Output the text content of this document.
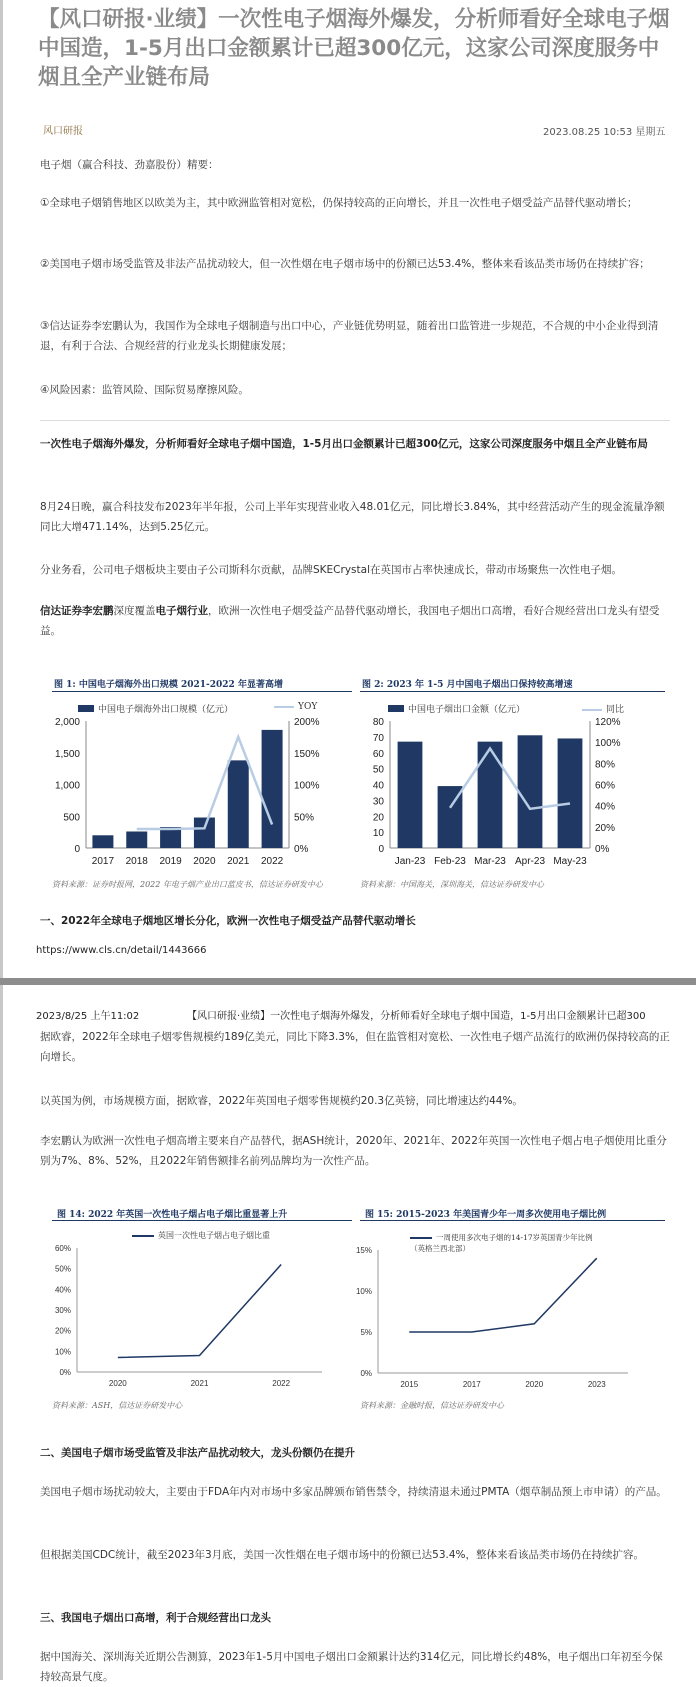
【风口研报·业绩】一次性电子烟海外爆发，分析师看好全球电子烟中国造，1-5月出口金额累计已超300亿元，这家公司深度服务中烟且全产业链布局
风口研报	2023.08.25 10:53 星期五
电子烟（赢合科技、劲嘉股份）精要：
①全球电子烟销售地区以欧美为主，其中欧洲监管相对宽松，仍保持较高的正向增长，并且一次性电子烟受益产品替代驱动增长；
②美国电子烟市场受监管及非法产品扰动较大，但一次性烟在电子烟市场中的份额已达53.4%，整体来看该品类市场仍在持续扩容；
③信达证券李宏鹏认为，我国作为全球电子烟制造与出口中心，产业链优势明显，随着出口监管进一步规范，不合规的中小企业得到清退，有利于合法、合规经营的行业龙头长期健康发展；
④风险因素：监管风险、国际贸易摩擦风险。
一次性电子烟海外爆发，分析师看好全球电子烟中国造，1-5月出口金额累计已超300亿元，这家公司深度服务中烟且全产业链布局
8月24日晚，赢合科技发布2023年半年报，公司上半年实现营业收入48.01亿元，同比增长3.84%，其中经营活动产生的现金流量净额同比大增471.14%，达到5.25亿元。
分业务看，公司电子烟板块主要由子公司斯科尔贡献，品牌SKECrystal在英国市占率快速成长，带动市场聚焦一次性电子烟。
信达证券李宏鹏深度覆盖电子烟行业，欧洲一次性电子烟受益产品替代驱动增长，我国电子烟出口高增，看好合规经营出口龙头有望受益。
图 1: 中国电子烟海外出口规模 2021-2022 年显著高增
中国电子烟海外出口规模（亿元）	YOY
0
500
1,000
1,500
2,000
0%
50%
100%
150%
200%
2017 2018 2019 2020 2021 2022
资料来源：证券时报网，2022 年电子烟产业出口蓝皮书，信达证券研发中心
图 2: 2023 年 1-5 月中国电子烟出口保持较高增速
中国电子烟出口金额（亿元）	同比
0
10
20
30
40
50
60
70
80
0%
20%
40%
60%
80%
100%
120%
Jan-23 Feb-23 Mar-23 Apr-23 May-23
资料来源：中国海关，深圳海关，信达证券研发中心
一、2022年全球电子烟地区增长分化，欧洲一次性电子烟受益产品替代驱动增长
https://www.cls.cn/detail/1443666
2023/8/25 上午11:02	【风口研报·业绩】一次性电子烟海外爆发，分析师看好全球电子烟中国造，1-5月出口金额累计已超300
据欧睿，2022年全球电子烟零售规模约189亿美元，同比下降3.3%，但在监管相对宽松、一次性电子烟产品流行的欧洲仍保持较高的正向增长。
以英国为例，市场规模方面，据欧睿，2022年英国电子烟零售规模约20.3亿英镑，同比增速达约44%。
李宏鹏认为欧洲一次性电子烟高增主要来自产品替代，据ASH统计，2020年、2021年、2022年英国一次性电子烟占电子烟使用比重分别为7%、8%、52%，且2022年销售额排名前列品牌均为一次性产品。
图 14: 2022 年英国一次性电子烟占电子烟比重显著上升
英国一次性电子烟占电子烟比重
0%
10%
20%
30%
40%
50%
60%
2020	2021	2022
资料来源：ASH，信达证券研发中心
图 15: 2015-2023 年美国青少年一周多次使用电子烟比例
一周使用多次电子烟的14-17岁英国青少年比例（英格兰西北部）
0%
5%
10%
15%
2015	2017	2020	2023
资料来源：金融时报，信达证券研发中心
二、美国电子烟市场受监管及非法产品扰动较大，龙头份额仍在提升
美国电子烟市场扰动较大，主要由于FDA年内对市场中多家品牌颁布销售禁令，持续清退未通过PMTA（烟草制品预上市申请）的产品。
但根据美国CDC统计，截至2023年3月底，美国一次性烟在电子烟市场中的份额已达53.4%，整体来看该品类市场仍在持续扩容。
三、我国电子烟出口高增，利于合规经营出口龙头
据中国海关、深圳海关近期公告测算，2023年1-5月中国电子烟出口金额累计达约314亿元，同比增长约48%，电子烟出口年初至今保持较高景气度。
